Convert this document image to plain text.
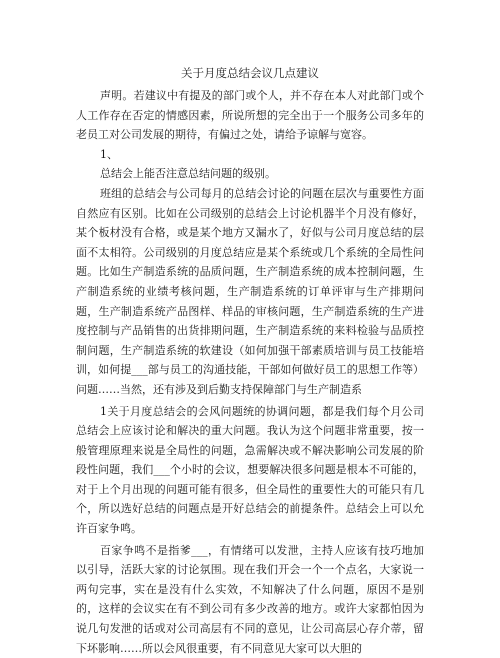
关于月度总结会议几点建议

声明。若建议中有提及的部门或个人，并不存在本人对此部门或个人工作存在否定的情感因素，所说所想的完全出于一个服务公司多年的老员工对公司发展的期待，有偏过之处，请给予谅解与宽容。

1、

总结会上能否注意总结问题的级别。

班组的总结会与公司每月的总结会讨论的问题在层次与重要性方面自然应有区别。比如在公司级别的总结会上讨论机器半个月没有修好，某个板材没有合格，或是某个地方又漏水了，好似与公司月度总结的层面不太相符。公司级别的月度总结应是某个系统或几个系统的全局性问题。比如生产制造系统的品质问题，生产制造系统的成本控制问题，生产制造系统的业绩考核问题，生产制造系统的订单评审与生产排期问题，生产制造系统产品图样、样品的审核问题，生产制造系统的生产进度控制与产品销售的出货排期问题，生产制造系统的来料检验与品质控制问题，生产制造系统的软建设（如何加强干部素质培训与员工技能培训，如何提___部与员工的沟通技能，干部如何做好员工的思想工作等）问题……当然，还有涉及到后勤支持保障部门与生产制造系

1关于月度总结会的会风问题统的协调问题，都是我们每个月公司总结会上应该讨论和解决的重大问题。我认为这个问题非常重要，按一般管理原理来说是全局性的问题，急需解决或不解决影响公司发展的阶段性问题，我们___个小时的会议，想要解决很多问题是根本不可能的，对于上个月出现的问题可能有很多，但全局性的重要性大的可能只有几个，所以选好总结的问题点是开好总结会的前提条件。总结会上可以允许百家争鸣。

百家争鸣不是指爹___，有情绪可以发泄，主持人应该有技巧地加以引导，活跃大家的讨论氛围。现在我们开会一个一个点名，大家说一两句完事，实在是没有什么实效，不知解决了什么问题，原因不是别的，这样的会议实在有不到公司有多少改善的地方。或许大家都怕因为说几句发泄的话或对公司高层有不同的意见，让公司高层心存介蒂，留下坏影响……所以会风很重要，有不同意见大家可以大胆的
